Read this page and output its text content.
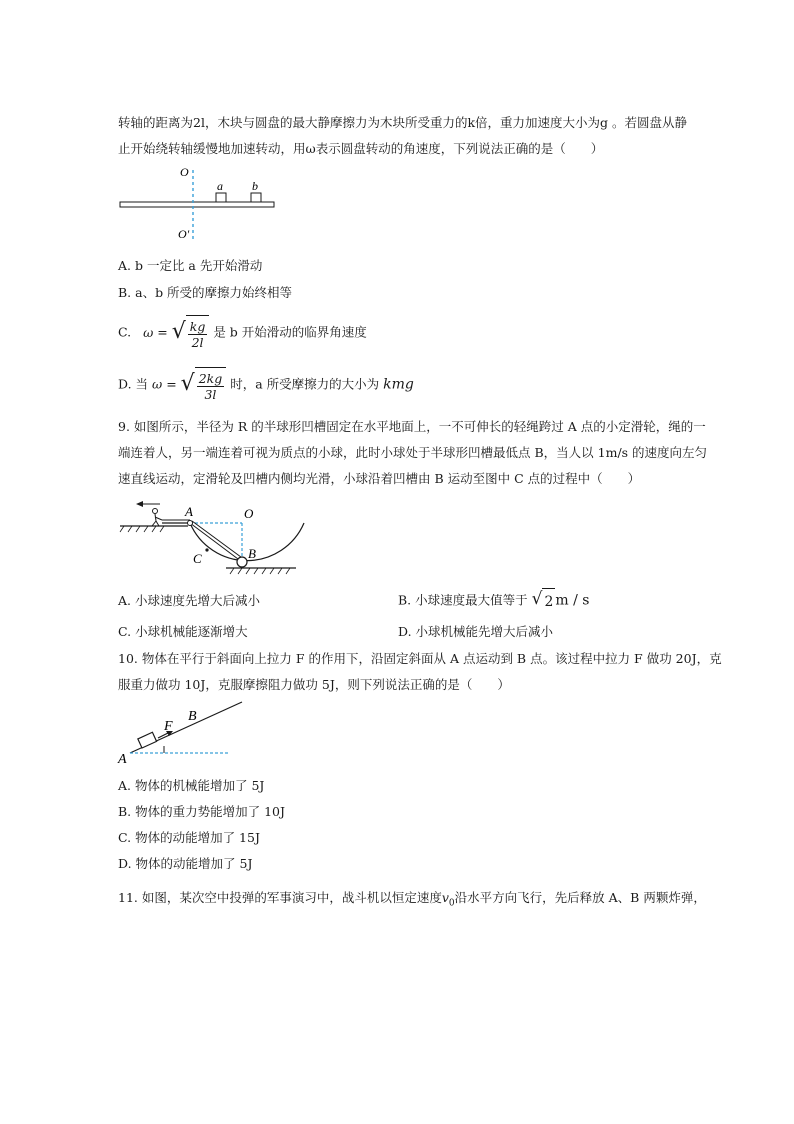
转轴的距离为2l，木块与圆盘的最大静摩擦力为木块所受重力的k倍，重力加速度大小为g 。若圆盘从静
止开始绕转轴缓慢地加速转动，用ω表示圆盘转动的角速度，下列说法正确的是（　　）
O
O'
a b
A. b 一定比 a 先开始滑动
B. a、b 所受的摩擦力始终相等
C. ω = √ $\frac{kg}{2l}$ 是 b 开始滑动的临界角速度
D. 当 ω = √ $\frac{2kg}{3l}$ 时，a 所受摩擦力的大小为 kmg
9. 如图所示，半径为 R 的半球形凹槽固定在水平地面上，一不可伸长的轻绳跨过 A 点的小定滑轮，绳的一
端连着人，另一端连着可视为质点的小球，此时小球处于半球形凹槽最低点 B，当人以 1m/s 的速度向左匀
速直线运动，定滑轮及凹槽内侧均光滑，小球沿着凹槽由 B 运动至图中 C 点的过程中（　　）
A	O
B
C
A. 小球速度先增大后减小	B. 小球速度最大值等于 √ 2 m / s
C. 小球机械能逐渐增大	D. 小球机械能先增大后减小
10. 物体在平行于斜面向上拉力 F 的作用下，沿固定斜面从 A 点运动到 B 点。该过程中拉力 F 做功 20J，克
服重力做功 10J，克服摩擦阻力做功 5J，则下列说法正确的是（　　）
F
B
A
A. 物体的机械能增加了 5J
B. 物体的重力势能增加了 10J
C. 物体的动能增加了 15J
D. 物体的动能增加了 5J
11. 如图，某次空中投弹的军事演习中，战斗机以恒定速度$v_0$沿水平方向飞行，先后释放 A、B 两颗炸弹，
